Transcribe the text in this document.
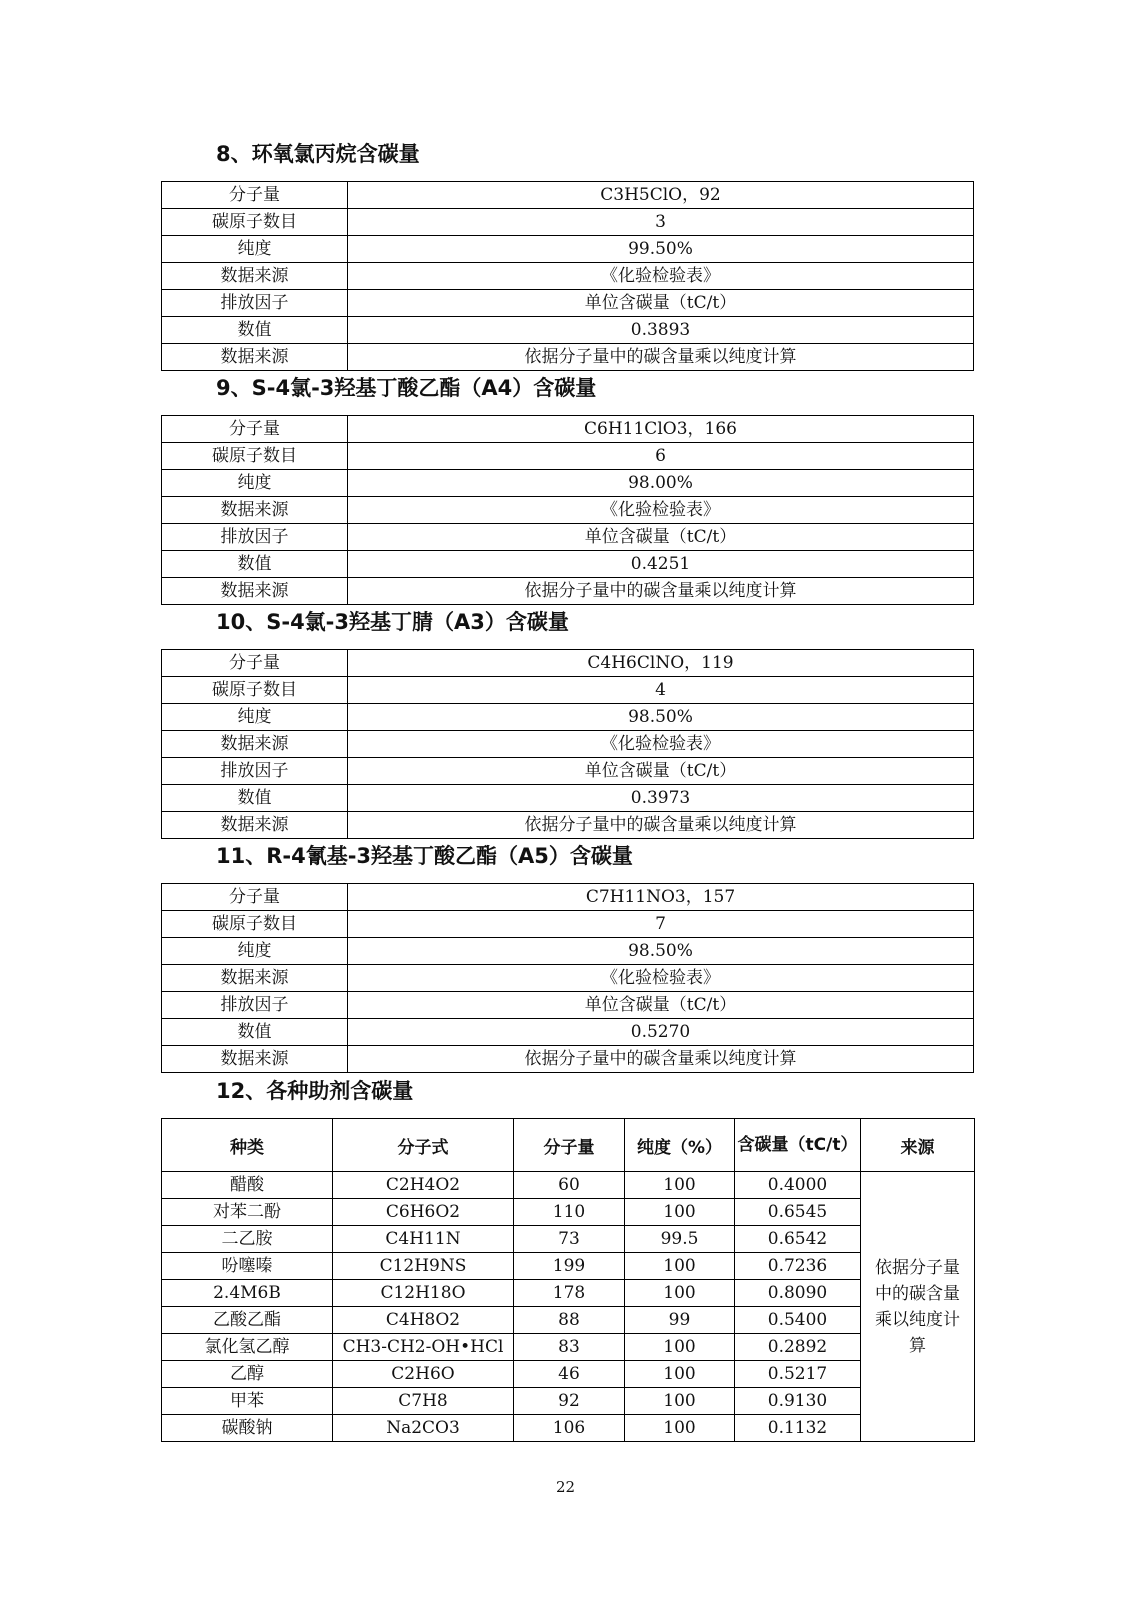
8、环氧氯丙烷含碳量
分子量	C3H5ClO，92
碳原子数目	3
纯度	99.50%
数据来源	《化验检验表》
排放因子	单位含碳量（tC/t）
数值	0.3893
数据来源	依据分子量中的碳含量乘以纯度计算
9、S-4氯-3羟基丁酸乙酯（A4）含碳量
分子量	C6H11ClO3，166
碳原子数目	6
纯度	98.00%
数据来源	《化验检验表》
排放因子	单位含碳量（tC/t）
数值	0.4251
数据来源	依据分子量中的碳含量乘以纯度计算
10、S-4氯-3羟基丁腈（A3）含碳量
分子量	C4H6ClNO，119
碳原子数目	4
纯度	98.50%
数据来源	《化验检验表》
排放因子	单位含碳量（tC/t）
数值	0.3973
数据来源	依据分子量中的碳含量乘以纯度计算
11、R-4氰基-3羟基丁酸乙酯（A5）含碳量
分子量	C7H11NO3，157
碳原子数目	7
纯度	98.50%
数据来源	《化验检验表》
排放因子	单位含碳量（tC/t）
数值	0.5270
数据来源	依据分子量中的碳含量乘以纯度计算
12、各种助剂含碳量
种类	分子式	分子量	纯度（%）	含碳量（tC/t）	来源
醋酸	C2H4O2	60	100	0.4000	依据分子量中的碳含量乘以纯度计算
对苯二酚	C6H6O2	110	100	0.6545	
二乙胺	C4H11N	73	99.5	0.6542	
吩噻嗪	C12H9NS	199	100	0.7236	
2.4M6B	C12H18O	178	100	0.8090	
乙酸乙酯	C4H8O2	88	99	0.5400	
氯化氢乙醇	CH3-CH2-OH•HCl	83	100	0.2892	
乙醇	C2H6O	46	100	0.5217	
甲苯	C7H8	92	100	0.9130	
碳酸钠	Na2CO3	106	100	0.1132	
22
